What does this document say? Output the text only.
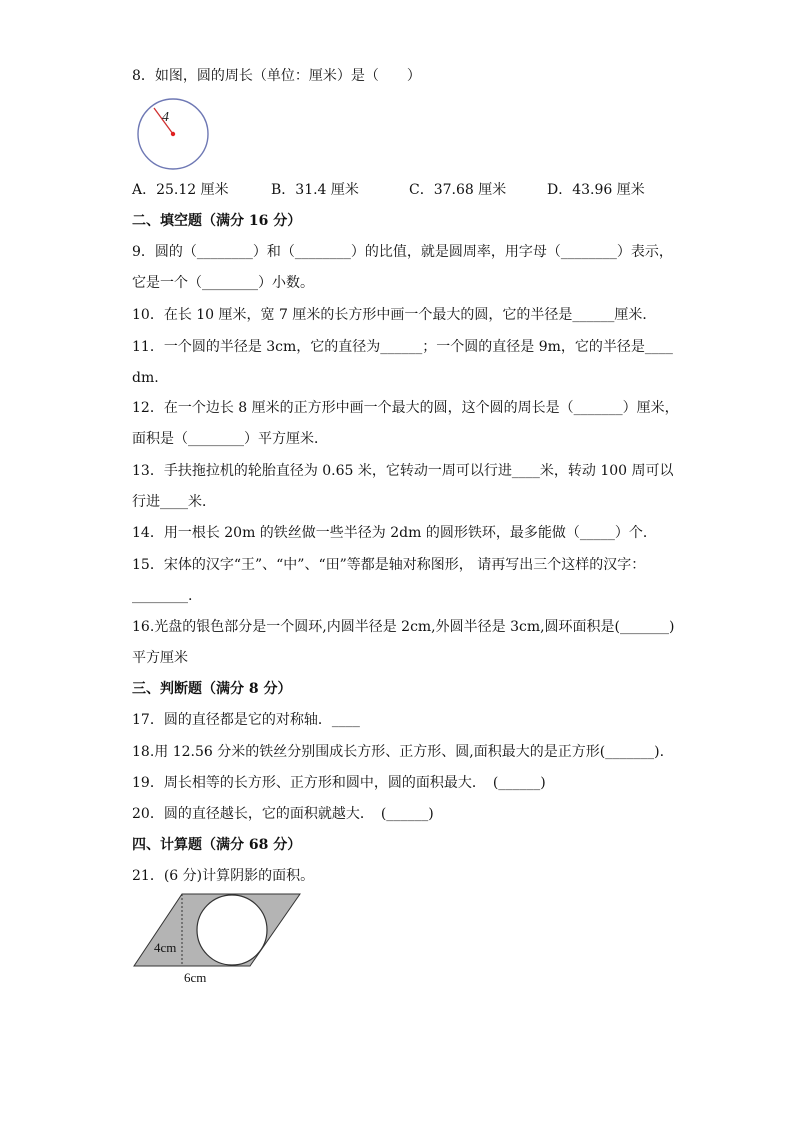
8．如图，圆的周长（单位：厘米）是（　　）
4
A．25.12 厘米	B．31.4 厘米	C．37.68 厘米	D．43.96 厘米
二、填空题（满分 16 分）
9．圆的（________）和（________）的比值，就是圆周率，用字母（________）表示，
它是一个（________）小数。
10．在长 10 厘米，宽 7 厘米的长方形中画一个最大的圆，它的半径是______厘米．
11．一个圆的半径是 3cm，它的直径为______；一个圆的直径是 9m，它的半径是____
dm.
12．在一个边长 8 厘米的正方形中画一个最大的圆，这个圆的周长是（_______）厘米，
面积是（________）平方厘米．
13．手扶拖拉机的轮胎直径为 0.65 米，它转动一周可以行进____米，转动 100 周可以
行进____米．
14．用一根长 20m 的铁丝做一些半径为 2dm 的圆形铁环，最多能做（_____）个．
15．宋体的汉字“王”、“中”、“田”等都是轴对称图形， 请再写出三个这样的汉字：
________.
16.光盘的银色部分是一个圆环,内圆半径是 2cm,外圆半径是 3cm,圆环面积是(_______)
平方厘米
三、判断题（满分 8 分）
17．圆的直径都是它的对称轴．____
18.用 12.56 分米的铁丝分别围成长方形、正方形、圆,面积最大的是正方形(_______).
19．周长相等的长方形、正方形和圆中，圆的面积最大．　(______)
20．圆的直径越长，它的面积就越大．　(______)
四、计算题（满分 68 分）
21．(6 分)计算阴影的面积。
4cm
6cm
